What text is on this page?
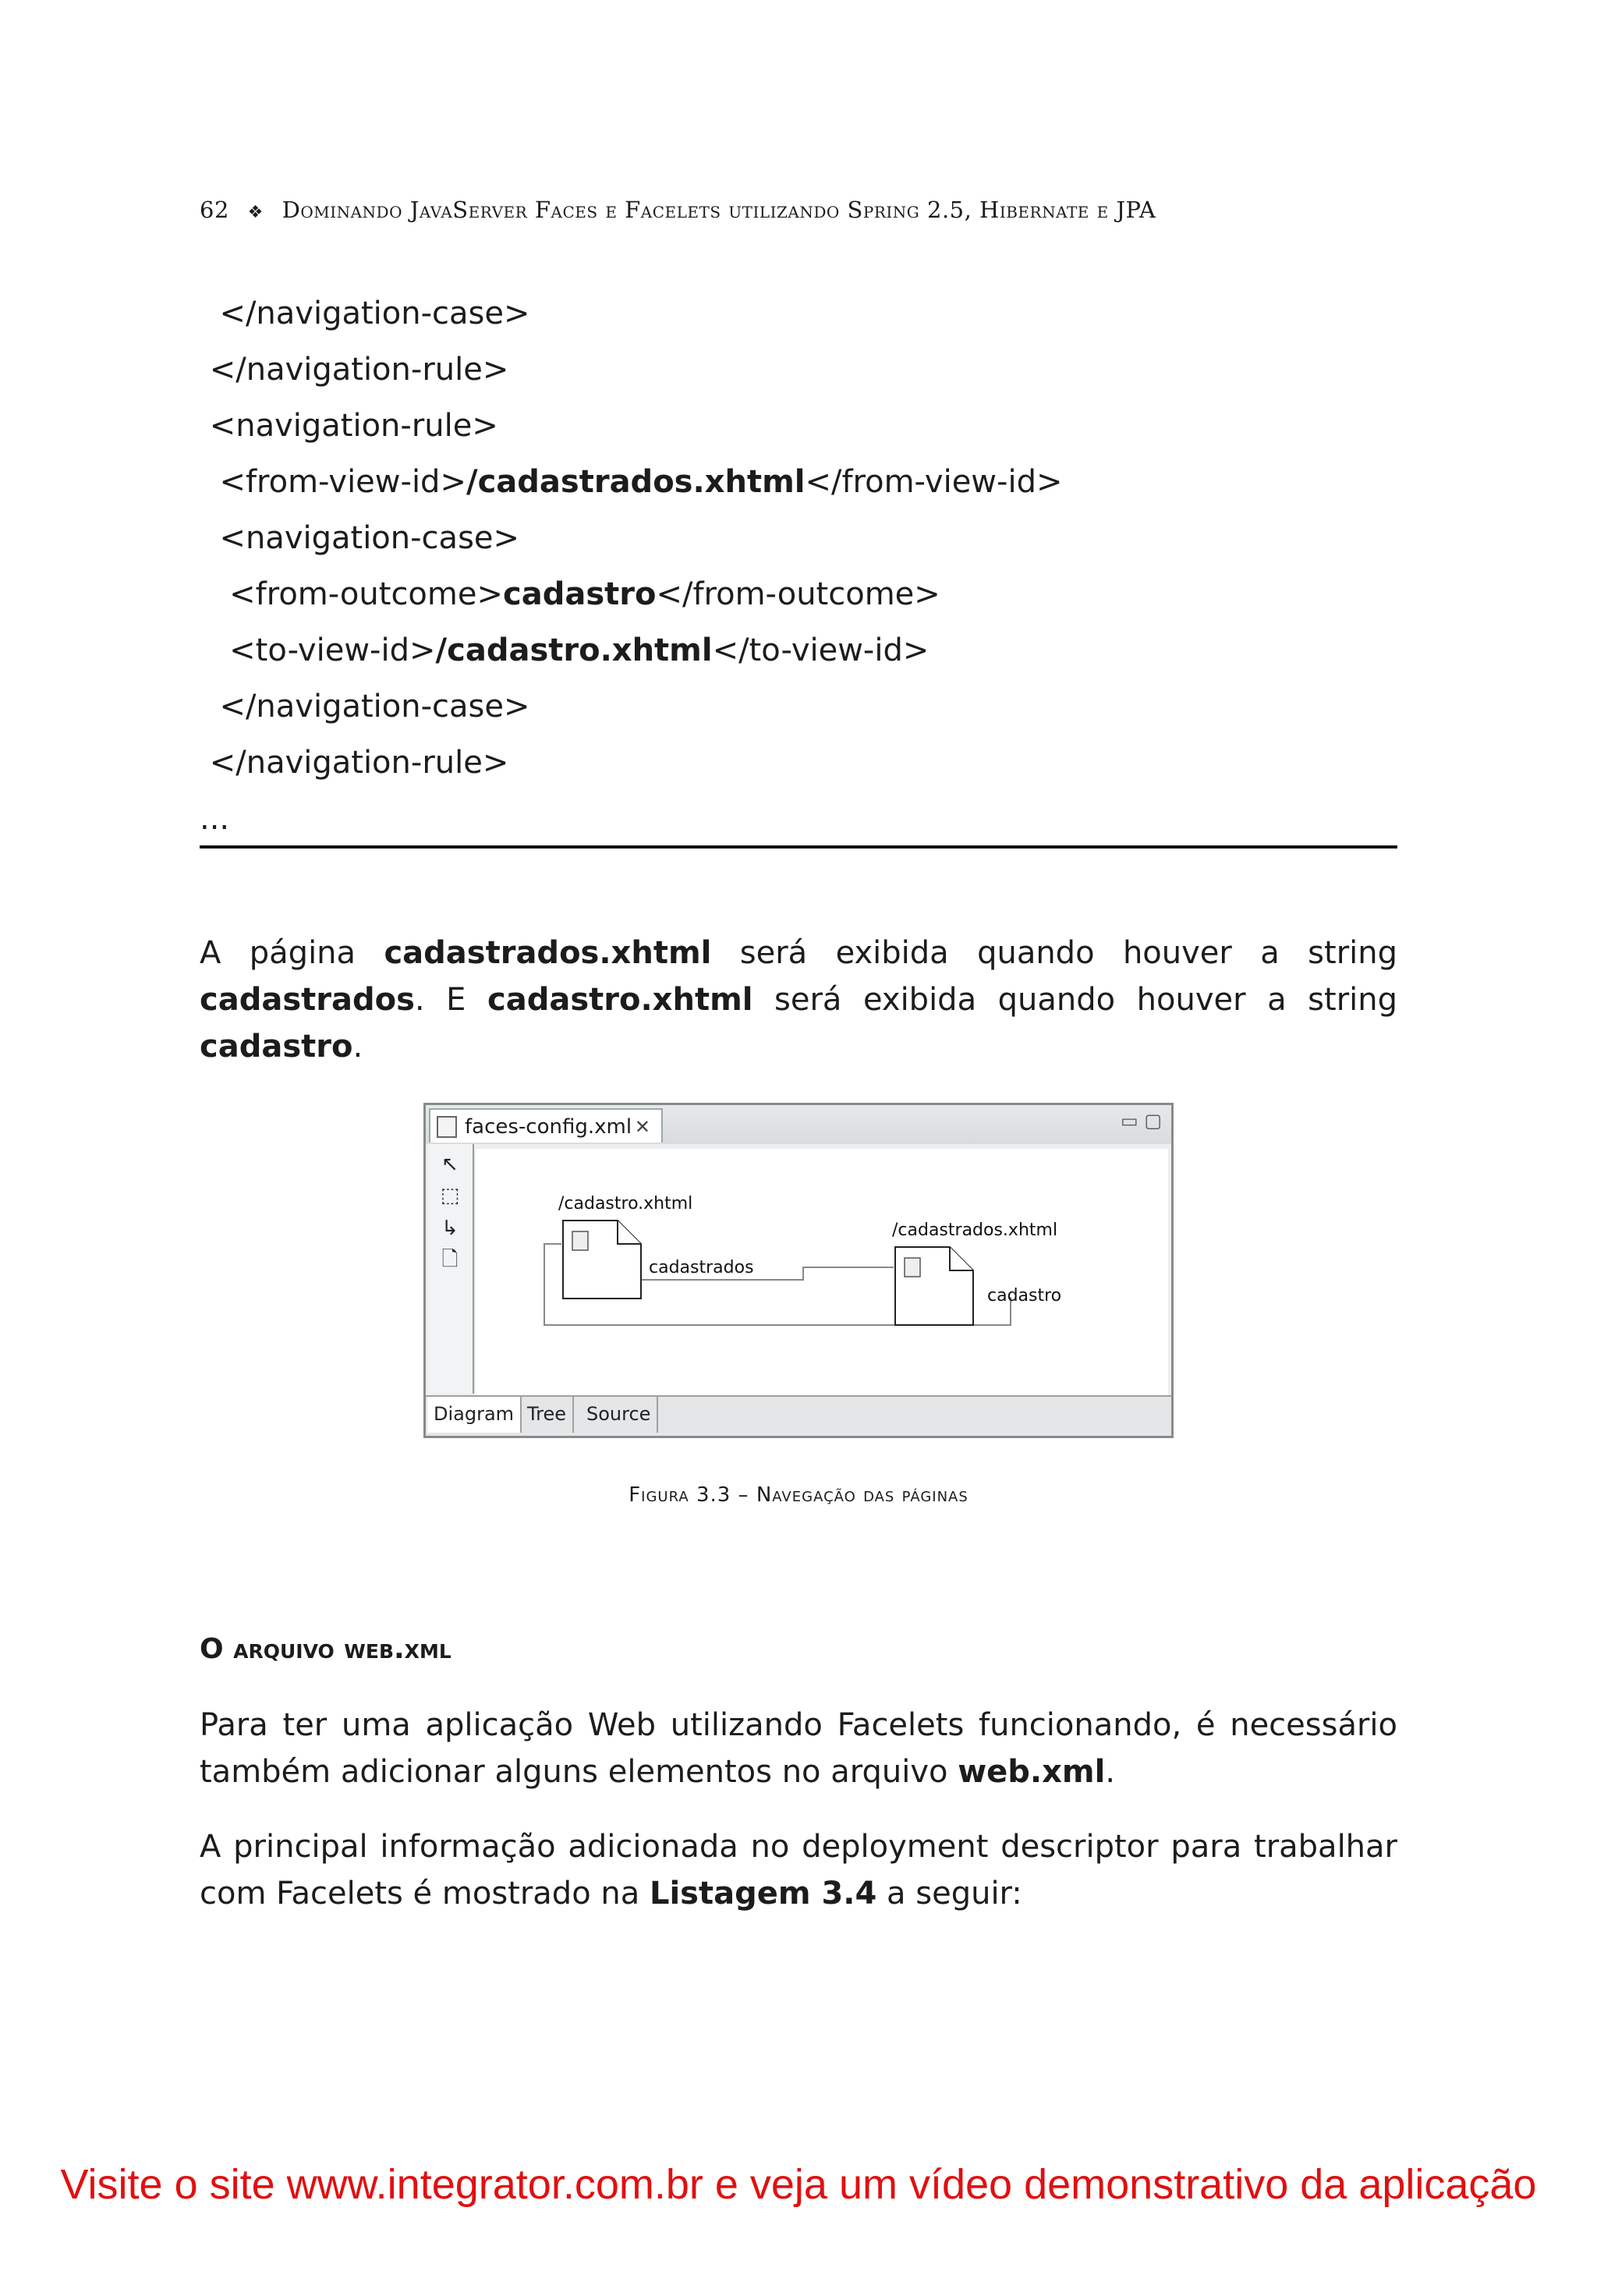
62 ❖ Dominando JavaServer Faces e Facelets utilizando Spring 2.5, Hibernate e JPA
</navigation-case>
</navigation-rule>
<navigation-rule>
<from-view-id>/cadastrados.xhtml</from-view-id>
<navigation-case>
<from-outcome>cadastro</from-outcome>
<to-view-id>/cadastro.xhtml</to-view-id>
</navigation-case>
</navigation-rule>
...
A página cadastrados.xhtml será exibida quando houver a string cadastrados. E cadastro.xhtml será exibida quando houver a string cadastro.
faces-config.xml ✕	▭ ▢
↖
⬚
↳
🗋
/cadastro.xhtml
/cadastrados.xhtml
cadastrados
cadastro
Diagram Tree	Source
Figura 3.3 – Navegação das páginas
O arquivo web.xml
Para ter uma aplicação Web utilizando Facelets funcionando, é necessário também adicionar alguns elementos no arquivo web.xml.
A principal informação adicionada no deployment descriptor para trabalhar com Facelets é mostrado na Listagem 3.4 a seguir:
Visite o site www.integrator.com.br e veja um vídeo demonstrativo da aplicação
